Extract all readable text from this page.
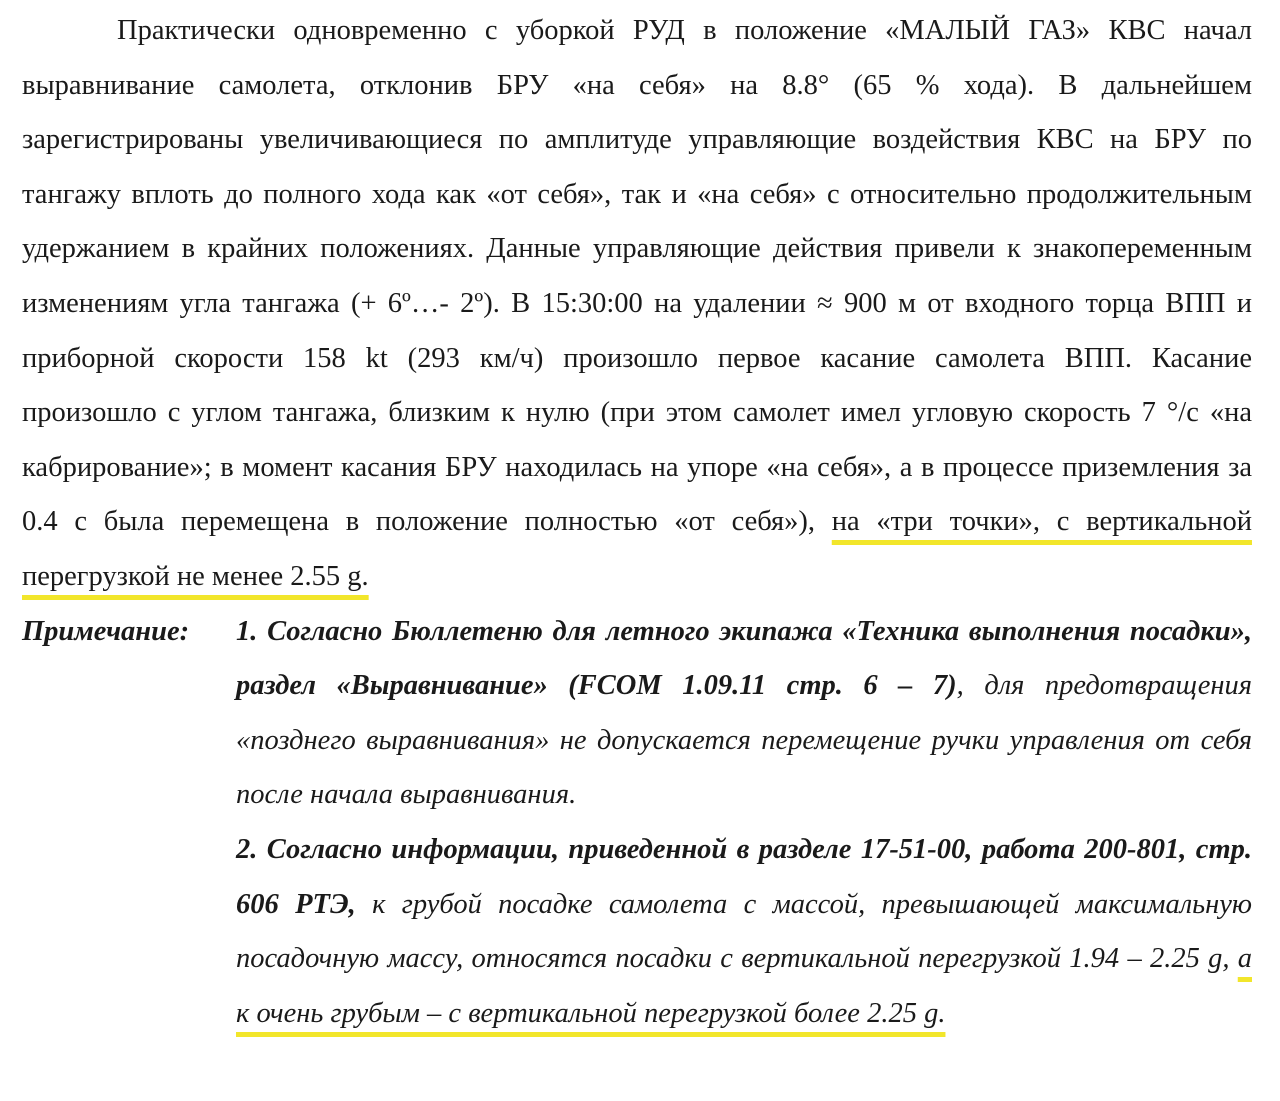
Практически одновременно с уборкой РУД в положение «МАЛЫЙ ГАЗ» КВС начал выравнивание самолета, отклонив БРУ «на себя» на 8.8° (65 % хода). В дальнейшем зарегистрированы увеличивающиеся по амплитуде управляющие воздействия КВС на БРУ по тангажу вплоть до полного хода как «от себя», так и «на себя» с относительно продолжительным удержанием в крайних положениях. Данные управляющие действия привели к знакопеременным изменениям угла тангажа (+ 6º…- 2º). В 15:30:00 на удалении ≈ 900 м от входного торца ВПП и приборной скорости 158 kt (293 км/ч) произошло первое касание самолета ВПП. Касание произошло с углом тангажа, близким к нулю (при этом самолет имел угловую скорость 7 °/с «на кабрирование»; в момент касания БРУ находилась на упоре «на себя», а в процессе приземления за 0.4 с была перемещена в положение полностью «от себя»), на «три точки», с вертикальной перегрузкой не менее 2.55 g.

Примечание:	1. Согласно Бюллетеню для летного экипажа «Техника выполнения посадки», раздел «Выравнивание» (FCOM 1.09.11 стр. 6 – 7), для предотвращения «позднего выравнивания» не допускается перемещение ручки управления от себя после начала выравнивания.

2. Согласно информации, приведенной в разделе 17-51-00, работа 200-801, стр. 606 РТЭ, к грубой посадке самолета с массой, превышающей максимальную посадочную массу, относятся посадки с вертикальной перегрузкой 1.94 – 2.25 g, а к очень грубым – с вертикальной перегрузкой более 2.25 g.
